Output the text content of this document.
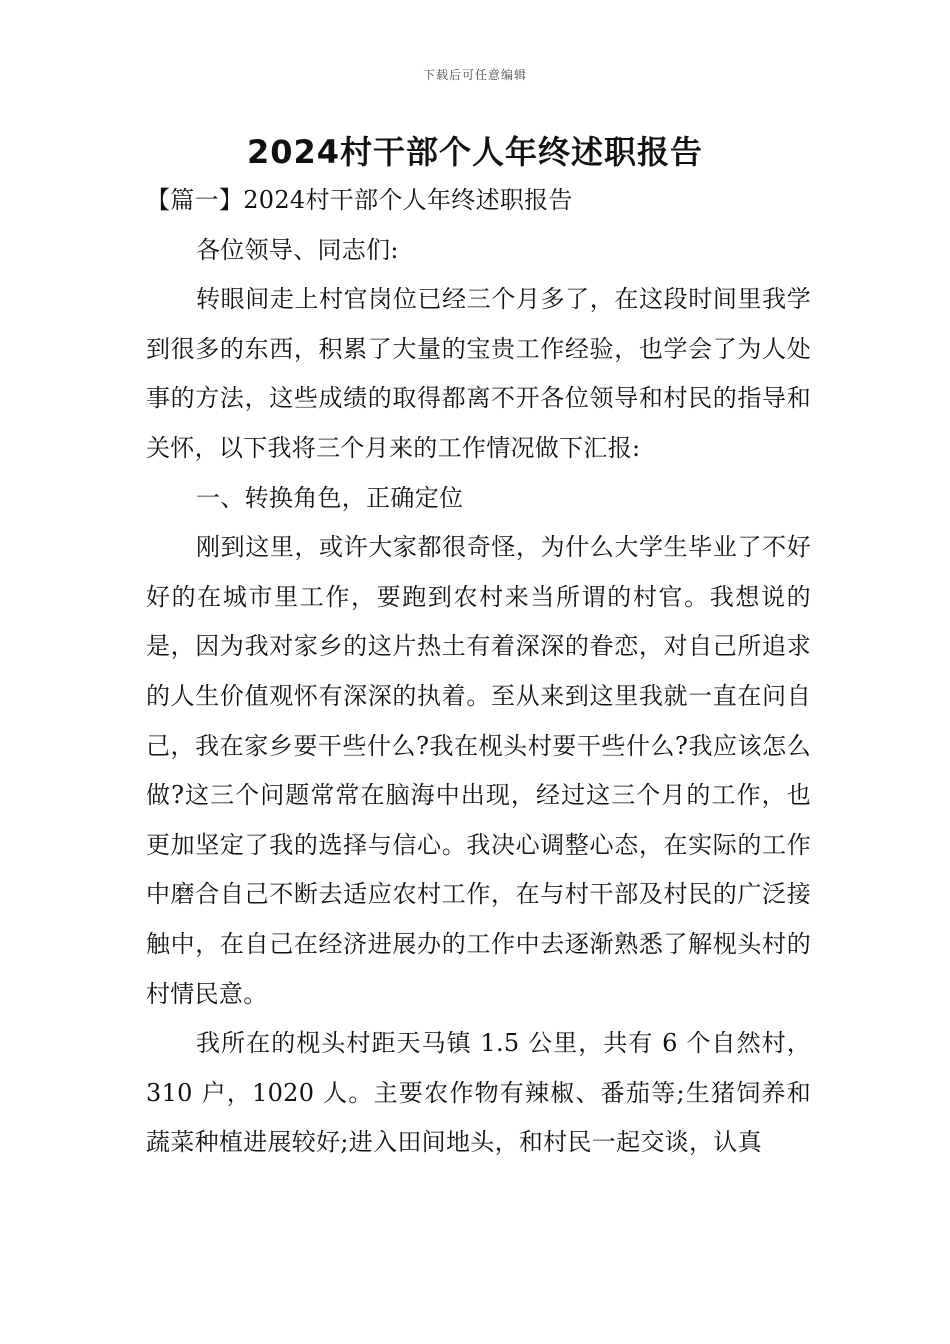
下载后可任意编辑
2024村干部个人年终述职报告

【篇一】2024村干部个人年终述职报告

各位领导、同志们:

转眼间走上村官岗位已经三个月多了，在这段时间里我学到很多的东西，积累了大量的宝贵工作经验，也学会了为人处事的方法，这些成绩的取得都离不开各位领导和村民的指导和关怀，以下我将三个月来的工作情况做下汇报:

一、转换角色，正确定位

刚到这里，或许大家都很奇怪，为什么大学生毕业了不好好的在城市里工作，要跑到农村来当所谓的村官。我想说的是，因为我对家乡的这片热土有着深深的眷恋，对自己所追求的人生价值观怀有深深的执着。至从来到这里我就一直在问自己，我在家乡要干些什么?我在枧头村要干些什么?我应该怎么做?这三个问题常常在脑海中出现，经过这三个月的工作，也更加坚定了我的选择与信心。我决心调整心态，在实际的工作中磨合自己不断去适应农村工作，在与村干部及村民的广泛接触中，在自己在经济进展办的工作中去逐渐熟悉了解枧头村的村情民意。

我所在的枧头村距天马镇 1.5 公里，共有 6 个自然村，310 户，1020 人。主要农作物有辣椒、番茄等;生猪饲养和蔬菜种植进展较好;进入田间地头，和村民一起交谈，认真
